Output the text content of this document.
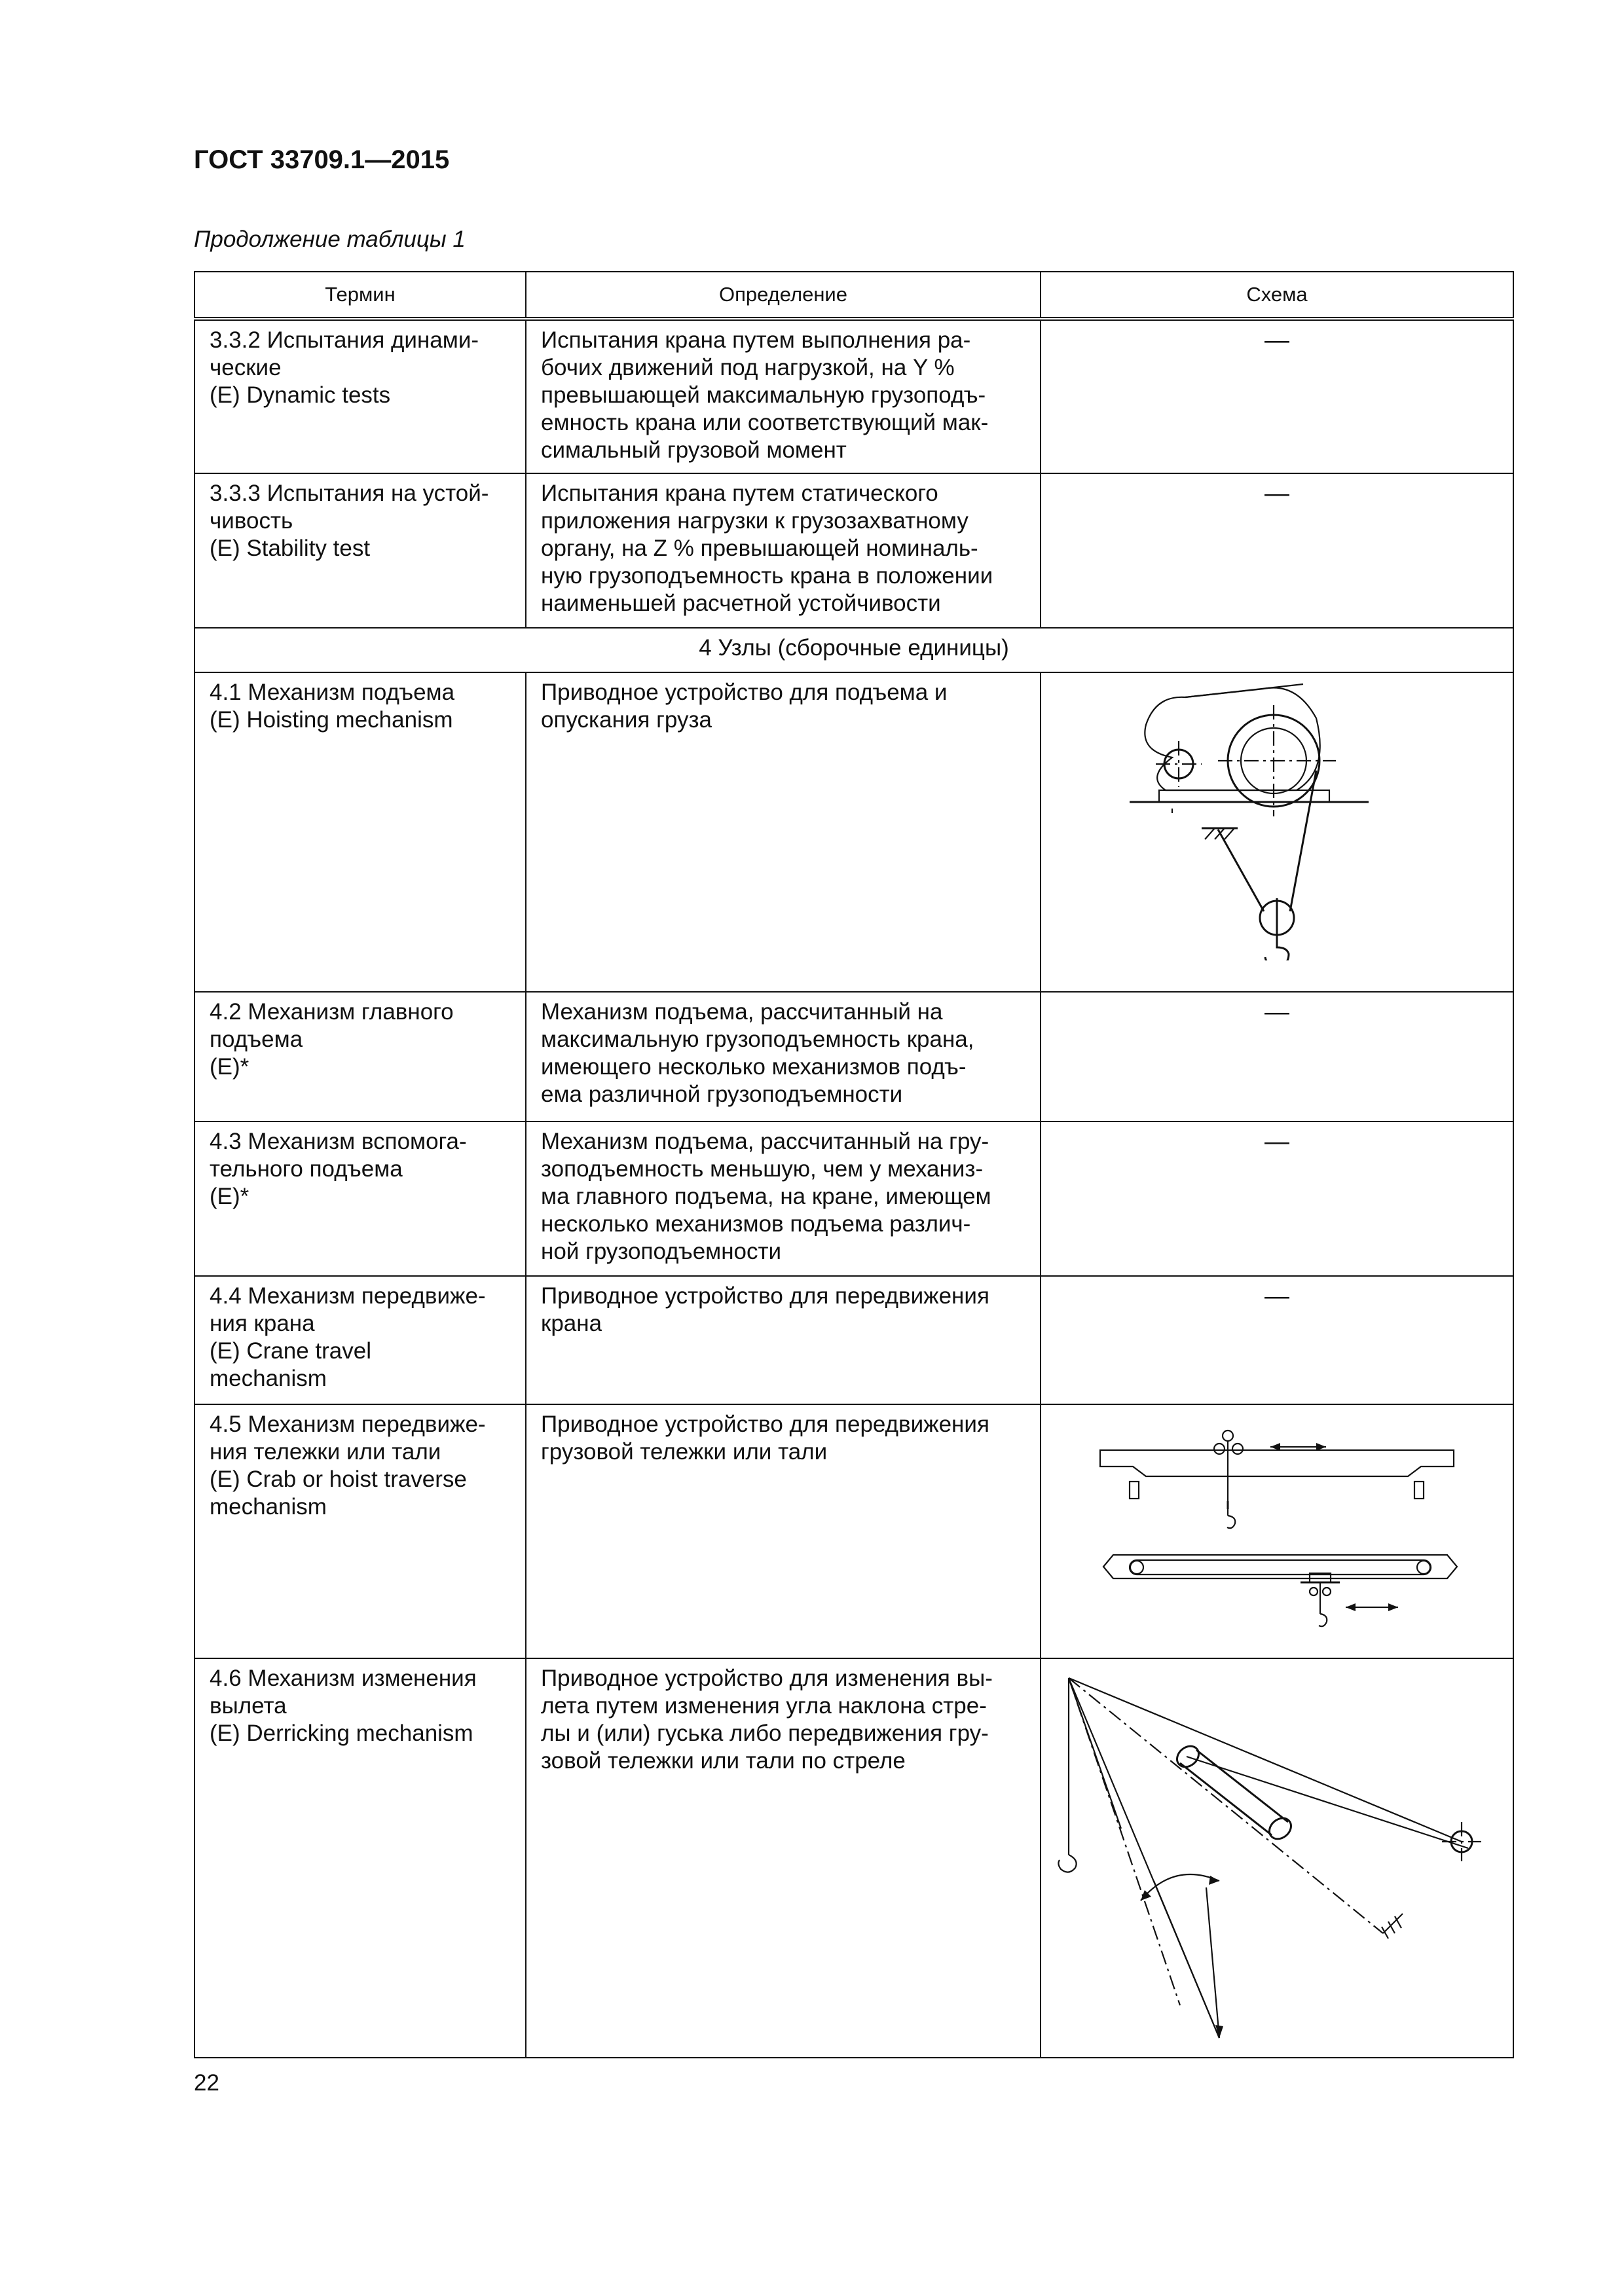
ГОСТ 33709.1—2015
Продолжение таблицы 1
Термин	Определение	Схема

3.3.2 Испытания динами-
ческие
(E) Dynamic tests	Испытания крана путем выполнения ра-
бочих движений под нагрузкой, на Y %
превышающей максимальную грузоподъ-
емность крана или соответствующий мак-
симальный грузовой момент	—

3.3.3 Испытания на устой-
чивость
(E) Stability test	Испытания крана путем статического
приложения нагрузки к грузозахватному
органу, на Z % превышающей номиналь-
ную грузоподъемность крана в положении
наименьшей расчетной устойчивости	—
4 Узлы (сборочные единицы)		

4.1 Механизм подъема
(E) Hoisting mechanism	Приводное устройство для подъема и
опускания груза

4.2 Механизм главного
подъема
(E)*	Механизм подъема, рассчитанный на
максимальную грузоподъемность крана,
имеющего несколько механизмов подъ-
ема различной грузоподъемности	—

4.3 Механизм вспомога-
тельного подъема
(E)*	Механизм подъема, рассчитанный на гру-
зоподъемность меньшую, чем у механиз-
ма главного подъема, на кране, имеющем
несколько механизмов подъема различ-
ной грузоподъемности	—

4.4 Механизм передвиже-
ния крана
(E) Crane travel
mechanism	Приводное устройство для передвижения
крана	—

4.5 Механизм передвиже-
ния тележки или тали
(E) Crab or hoist traverse
mechanism	Приводное устройство для передвижения
грузовой тележки или тали

4.6 Механизм изменения
вылета
(E) Derricking mechanism	Приводное устройство для изменения вы-
лета путем изменения угла наклона стре-
лы и (или) гуська либо передвижения гру-
зовой тележки или тали по стреле

22
